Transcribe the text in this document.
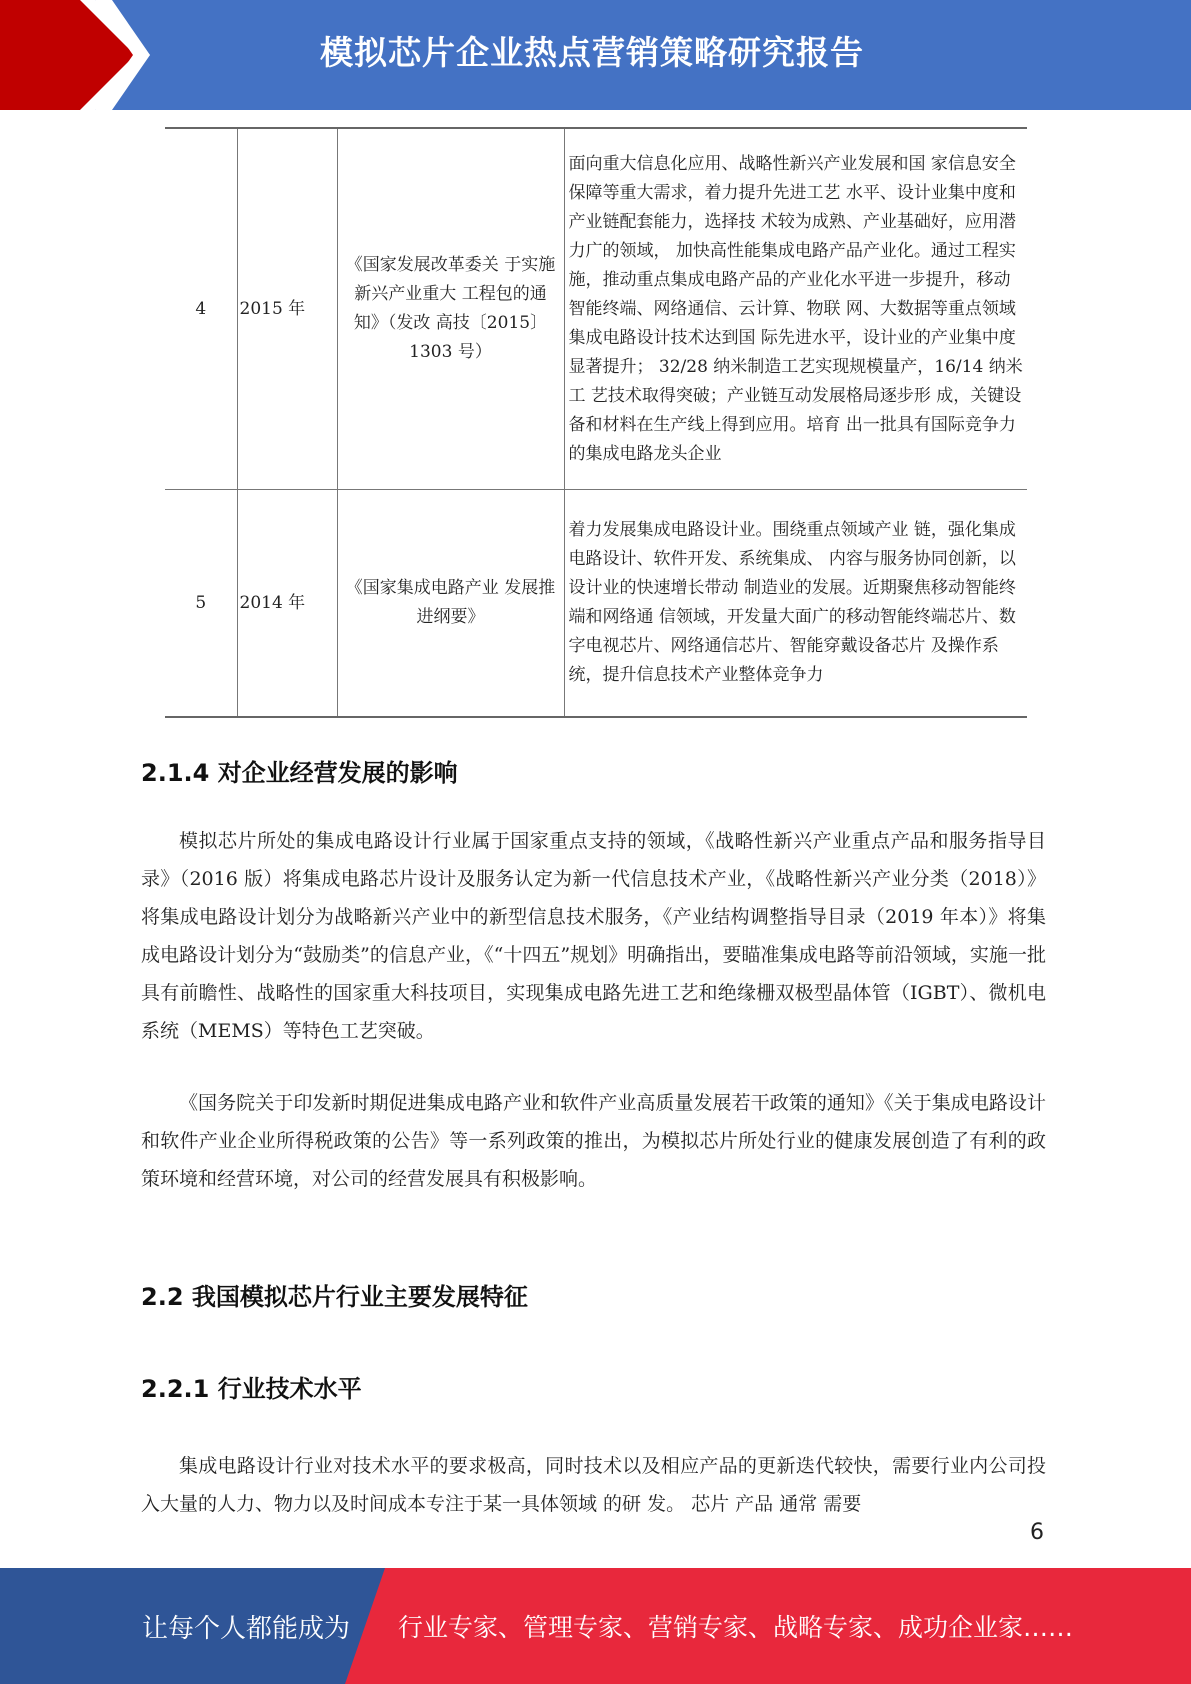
模拟芯片企业热点营销策略研究报告
4	2015 年	《国家发展改革委关 于实施新兴产业重大 工程包的通知》（发改 高技〔2015〕 1303 号）	面向重大信息化应用、战略性新兴产业发展和国 家信息安全保障等重大需求，着力提升先进工艺 水平、设计业集中度和产业链配套能力，选择技 术较为成熟、产业基础好，应用潜力广的领域， 加快高性能集成电路产品产业化。通过工程实 施，推动重点集成电路产品的产业化水平进一步提升，移动智能终端、网络通信、云计算、物联 网、大数据等重点领域集成电路设计技术达到国 际先进水平，设计业的产业集中度显著提升； 32/28 纳米制造工艺实现规模量产，16/14 纳米工 艺技术取得突破；产业链互动发展格局逐步形 成，关键设备和材料在生产线上得到应用。培育 出一批具有国际竞争力的集成电路龙头企业
5	2014 年	《国家集成电路产业 发展推进纲要》	着力发展集成电路设计业。围绕重点领域产业 链，强化集成电路设计、软件开发、系统集成、 内容与服务协同创新，以设计业的快速增长带动 制造业的发展。近期聚焦移动智能终端和网络通 信领域，开发量大面广的移动智能终端芯片、数 字电视芯片、网络通信芯片、智能穿戴设备芯片 及操作系统，提升信息技术产业整体竞争力
2.1.4 对企业经营发展的影响
模拟芯片所处的集成电路设计行业属于国家重点支持的领域，《战略性新兴产业重点产品和服务指导目录》（2016 版）将集成电路芯片设计及服务认定为新一代信息技术产业，《战略性新兴产业分类（2018）》将集成电路设计划分为战略新兴产业中的新型信息技术服务，《产业结构调整指导目录（2019 年本）》将集成电路设计划分为“鼓励类”的信息产业，《“十四五”规划》明确指出，要瞄准集成电路等前沿领域，实施一批具有前瞻性、战略性的国家重大科技项目，实现集成电路先进工艺和绝缘栅双极型晶体管（IGBT）、微机电系统（MEMS）等特色工艺突破。
《国务院关于印发新时期促进集成电路产业和软件产业高质量发展若干政策的通知》《关于集成电路设计和软件产业企业所得税政策的公告》等一系列政策的推出，为模拟芯片所处行业的健康发展创造了有利的政策环境和经营环境，对公司的经营发展具有积极影响。
2.2 我国模拟芯片行业主要发展特征
2.2.1 行业技术水平
集成电路设计行业对技术水平的要求极高，同时技术以及相应产品的更新迭代较快，需要行业内公司投入大量的人力、物力以及时间成本专注于某一具体领域 的研 发。 芯片 产品 通常 需要
6
让每个人都能成为 行业专家、管理专家、营销专家、战略专家、成功企业家……
